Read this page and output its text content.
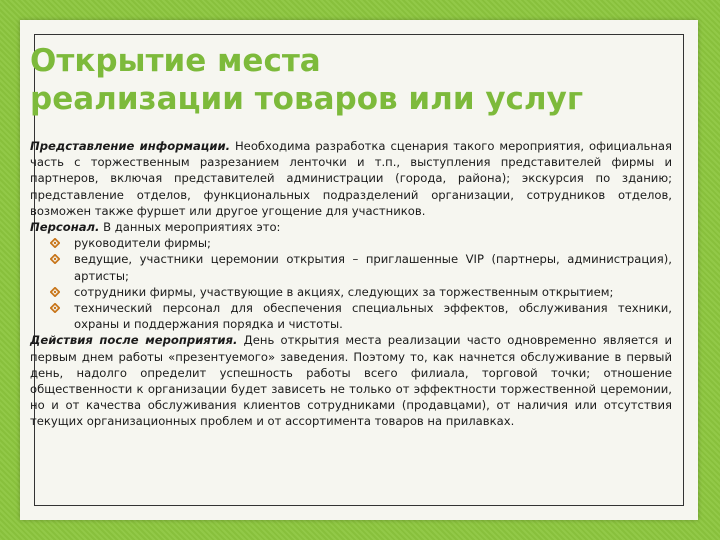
Открытие места
реализации товаров или услуг

Представление информации. Необходима разработка сценария такого мероприятия, официальная часть с торжественным разрезанием ленточки и т.п., выступления представителей фирмы и партнеров, включая представителей администрации (города, района); экскурсия по зданию; представление отделов, функциональных подразделений организации, сотрудников отделов, возможен также фуршет или другое угощение для участников.

Персонал. В данных мероприятиях это:

руководители фирмы;
ведущие, участники церемонии открытия – приглашенные VIP (партнеры, администрация), артисты;
сотрудники фирмы, участвующие в акциях, следующих за торжественным открытием;
технический персонал для обеспечения специальных эффектов, обслуживания техники, охраны и поддержания порядка и чистоты.

Действия после мероприятия. День открытия места реализации часто одновременно является и первым днем работы «презентуемого» заведения. Поэтому то, как начнется обслуживание в первый день, надолго определит успешность работы всего филиала, торговой точки; отношение общественности к организации будет зависеть не только от эффектности торжественной церемонии, но и от качества обслуживания клиентов сотрудниками (продавцами), от наличия или отсутствия текущих организационных проблем и от ассортимента товаров на прилавках.
